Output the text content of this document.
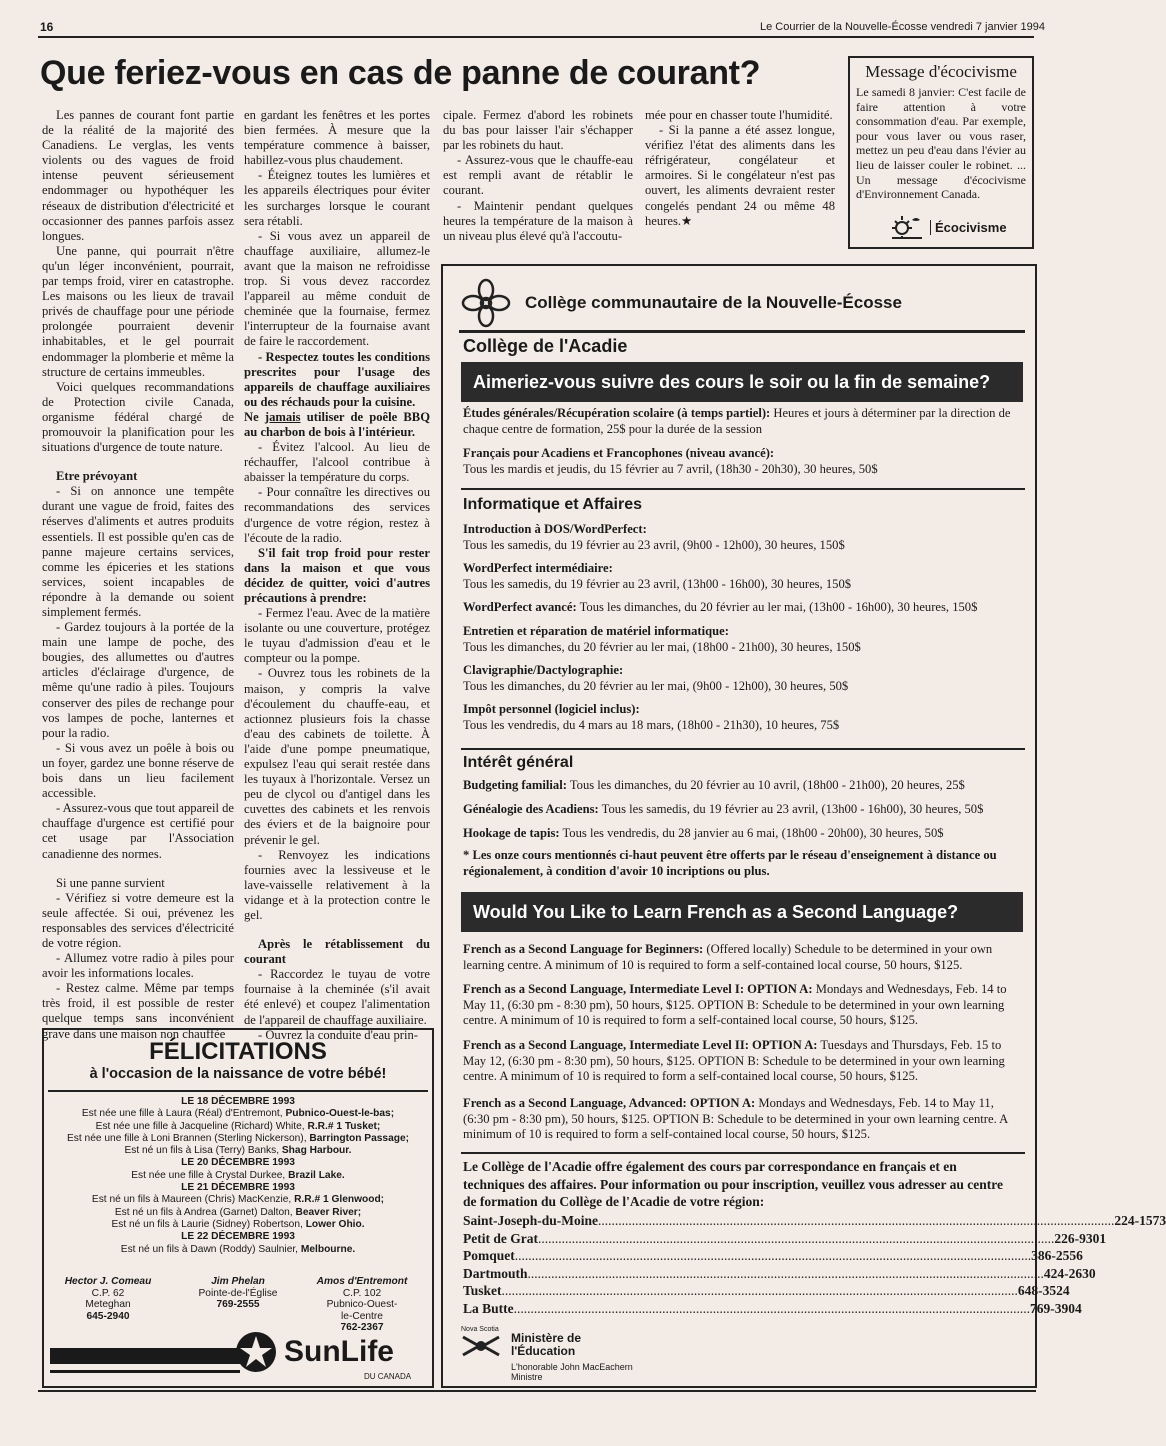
16	Le Courrier de la Nouvelle-Écosse vendredi 7 janvier 1994
Que feriez-vous en cas de panne de courant?

Les pannes de courant font partie de la réalité de la majorité des Canadiens. Le verglas, les vents violents ou des vagues de froid intense peuvent sérieusement endommager ou hypothéquer les réseaux de distribution d'électricité et occasionner des pannes parfois assez longues.

Une panne, qui pourrait n'être qu'un léger inconvénient, pourrait, par temps froid, virer en catastrophe. Les maisons ou les lieux de travail privés de chauffage pour une période prolongée pourraient devenir inhabitables, et le gel pourrait endommager la plomberie et même la structure de certains immeubles.

Voici quelques recommandations de Protection civile Canada, organisme fédéral chargé de promouvoir la planification pour les situations d'urgence de toute nature.

Etre prévoyant

- Si on annonce une tempête durant une vague de froid, faites des réserves d'aliments et autres produits essentiels. Il est possible qu'en cas de panne majeure certains services, comme les épiceries et les stations services, soient incapables de répondre à la demande ou soient simplement fermés.

- Gardez toujours à la portée de la main une lampe de poche, des bougies, des allumettes ou d'autres articles d'éclairage d'urgence, de même qu'une radio à piles. Toujours conserver des piles de rechange pour vos lampes de poche, lanternes et pour la radio.

- Si vous avez un poêle à bois ou un foyer, gardez une bonne réserve de bois dans un lieu facilement accessible.

- Assurez-vous que tout appareil de chauffage d'urgence est certifié pour cet usage par l'Association canadienne des normes.

Si une panne survient

- Vérifiez si votre demeure est la seule affectée. Si oui, prévenez les responsables des services d'électricité de votre région.

- Allumez votre radio à piles pour avoir les informations locales.

- Restez calme. Même par temps très froid, il est possible de rester quelque temps sans inconvénient grave dans une maison non chauffée

en gardant les fenêtres et les portes bien fermées. À mesure que la température commence à baisser, habillez-vous plus chaudement.

- Éteignez toutes les lumières et les appareils électriques pour éviter les surcharges lorsque le courant sera rétabli.

- Si vous avez un appareil de chauffage auxiliaire, allumez-le avant que la maison ne refroidisse trop. Si vous devez raccordez l'appareil au même conduit de cheminée que la fournaise, fermez l'interrupteur de la fournaise avant de faire le raccordement.

- Respectez toutes les conditions prescrites pour l'usage des appareils de chauffage auxiliaires ou des réchauds pour la cuisine.

Ne jamais utiliser de poêle BBQ au charbon de bois à l'intérieur.

- Évitez l'alcool. Au lieu de réchauffer, l'alcool contribue à abaisser la température du corps.

- Pour connaître les directives ou recommandations des services d'urgence de votre région, restez à l'écoute de la radio.

S'il fait trop froid pour rester dans la maison et que vous décidez de quitter, voici d'autres précautions à prendre:

- Fermez l'eau. Avec de la matière isolante ou une couverture, protégez le tuyau d'admission d'eau et le compteur ou la pompe.

- Ouvrez tous les robinets de la maison, y compris la valve d'écoulement du chauffe-eau, et actionnez plusieurs fois la chasse d'eau des cabinets de toilette. À l'aide d'une pompe pneumatique, expulsez l'eau qui serait restée dans les tuyaux à l'horizontale. Versez un peu de clycol ou d'antigel dans les cuvettes des cabinets et les renvois des éviers et de la baignoire pour prévenir le gel.

- Renvoyez les indications fournies avec la lessiveuse et le lave-vaisselle relativement à la vidange et à la protection contre le gel.

Après le rétablissement du courant

- Raccordez le tuyau de votre fournaise à la cheminée (s'il avait été enlevé) et coupez l'alimentation de l'appareil de chauffage auxiliaire.

- Ouvrez la conduite d'eau prin-

cipale. Fermez d'abord les robinets du bas pour laisser l'air s'échapper par les robinets du haut.

- Assurez-vous que le chauffe-eau est rempli avant de rétablir le courant.

- Maintenir pendant quelques heures la température de la maison à un niveau plus élevé qu'à l'accoutu-

mée pour en chasser toute l'humidité.

- Si la panne a été assez longue, vérifiez l'état des aliments dans les réfrigérateur, congélateur et armoires. Si le congélateur n'est pas ouvert, les aliments devraient rester congelés pendant 24 ou même 48 heures.★

Message d'écocivisme
Le samedi 8 janvier: C'est facile de faire attention à votre consommation d'eau. Par exemple, pour vous laver ou vous raser, mettez un peu d'eau dans l'évier au lieu de laisser couler le robinet. ... Un message d'écocivisme d'Environnement Canada.
Écocivisme
Collège communautaire de la Nouvelle-Écosse
Collège de l'Acadie
Aimeriez-vous suivre des cours le soir ou la fin de semaine?
Études générales/Récupération scolaire (à temps partiel): Heures et jours à déterminer par la direction de chaque centre de formation, 25$ pour la durée de la session
Français pour Acadiens et Francophones (niveau avancé):
Tous les mardis et jeudis, du 15 février au 7 avril, (18h30 - 20h30), 30 heures, 50$
Informatique et Affaires
Introduction à DOS/WordPerfect:
Tous les samedis, du 19 février au 23 avril, (9h00 - 12h00), 30 heures, 150$
WordPerfect intermédiaire:
Tous les samedis, du 19 février au 23 avril, (13h00 - 16h00), 30 heures, 150$
WordPerfect avancé: Tous les dimanches, du 20 février au ler mai, (13h00 - 16h00), 30 heures, 150$
Entretien et réparation de matériel informatique:
Tous les dimanches, du 20 février au ler mai, (18h00 - 21h00), 30 heures, 150$
Clavigraphie/Dactylographie:
Tous les dimanches, du 20 février au ler mai, (9h00 - 12h00), 30 heures, 50$
Impôt personnel (logiciel inclus):
Tous les vendredis, du 4 mars au 18 mars, (18h00 - 21h30), 10 heures, 75$
Intérêt général
Budgeting familial: Tous les dimanches, du 20 février au 10 avril, (18h00 - 21h00), 20 heures, 25$
Généalogie des Acadiens: Tous les samedis, du 19 février au 23 avril, (13h00 - 16h00), 30 heures, 50$
Hookage de tapis: Tous les vendredis, du 28 janvier au 6 mai, (18h00 - 20h00), 30 heures, 50$
* Les onze cours mentionnés ci-haut peuvent être offerts par le réseau d'enseignement à distance ou régionalement, à condition d'avoir 10 incriptions ou plus.
Would You Like to Learn French as a Second Language?
French as a Second Language for Beginners: (Offered locally) Schedule to be determined in your own learning centre. A minimum of 10 is required to form a self-contained local course, 50 hours, $125.
French as a Second Language, Intermediate Level I: OPTION A: Mondays and Wednesdays, Feb. 14 to May 11, (6:30 pm - 8:30 pm), 50 hours, $125. OPTION B: Schedule to be determined in your own learning centre. A minimum of 10 is required to form a self-contained local course, 50 hours, $125.
French as a Second Language, Intermediate Level II: OPTION A: Tuesdays and Thursdays, Feb. 15 to May 12, (6:30 pm - 8:30 pm), 50 hours, $125. OPTION B: Schedule to be determined in your own learning centre. A minimum of 10 is required to form a self-contained local course, 50 hours, $125.
French as a Second Language, Advanced: OPTION A: Mondays and Wednesdays, Feb. 14 to May 11, (6:30 pm - 8:30 pm), 50 hours, $125. OPTION B: Schedule to be determined in your own learning centre. A minimum of 10 is required to form a self-contained local course, 50 hours, $125.
Le Collège de l'Acadie offre également des cours par correspondance en français et en techniques des affaires. Pour information ou pour inscription, veuillez vous adresser au centre de formation du Collège de l'Acadie de votre région:
Saint-Joseph-du-Moine ......................................................................................................................................................... 224-1573
Petit de Grat ......................................................................................................................................................... 226-9301
Pomquet ......................................................................................................................................................... 386-2556
Dartmouth ......................................................................................................................................................... 424-2630
Tusket ......................................................................................................................................................... 648-3524
La Butte ......................................................................................................................................................... 769-3904
Nova Scotia
Ministère de l'Éducation
L'honorable John MacEachern
Ministre
FÉLICITATIONS
à l'occasion de la naissance de votre bébé!
LE 18 DÉCEMBRE 1993
Est née une fille à Laura (Réal) d'Entremont, Pubnico-Ouest-le-bas;
Est née une fille à Jacqueline (Richard) White, R.R.# 1 Tusket;
Est née une fille à Loni Brannen (Sterling Nickerson), Barrington Passage;
Est né un fils à Lisa (Terry) Banks, Shag Harbour.
LE 20 DÉCEMBRE 1993
Est née une fille à Crystal Durkee, Brazil Lake.
LE 21 DÉCEMBRE 1993
Est né un fils à Maureen (Chris) MacKenzie, R.R.# 1 Glenwood;
Est né un fils à Andrea (Garnet) Dalton, Beaver River;
Est né un fils à Laurie (Sidney) Robertson, Lower Ohio.
LE 22 DÉCEMBRE 1993
Est né un fils à Dawn (Roddy) Saulnier, Melbourne.
Hector J. Comeau
C.P. 62
Meteghan
645-2940
Jim Phelan
Pointe-de-l'Église
769-2555
Amos d'Entremont
C.P. 102
Pubnico-Ouest-
le-Centre
762-2367
SunLife
DU CANADA
